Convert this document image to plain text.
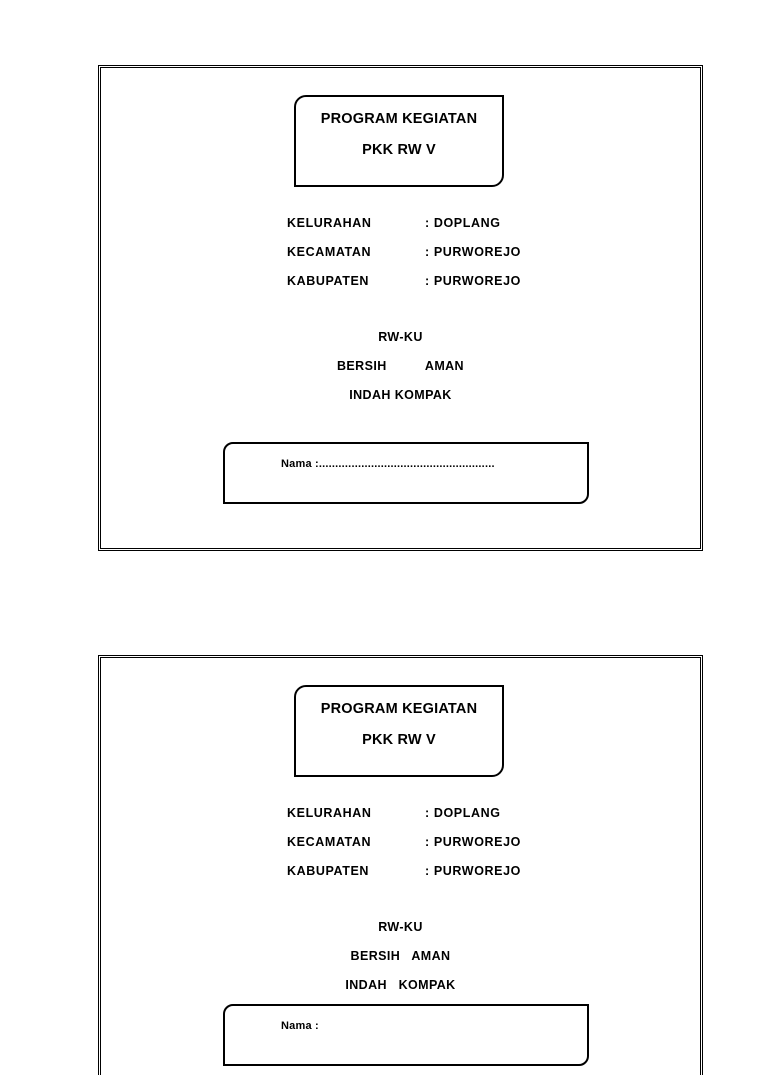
PROGRAM KEGIATAN
PKK RW V
KELURAHAN	: DOPLANG
KECAMATAN	: PURWOREJO
KABUPATEN	: PURWOREJO
RW-KU
BERSIH          AMAN
INDAH KOMPAK
Nama :......................................................
PROGRAM KEGIATAN
PKK RW V
KELURAHAN	: DOPLANG
KECAMATAN	: PURWOREJO
KABUPATEN	: PURWOREJO
RW-KU
BERSIH   AMAN
INDAH   KOMPAK
Nama :
